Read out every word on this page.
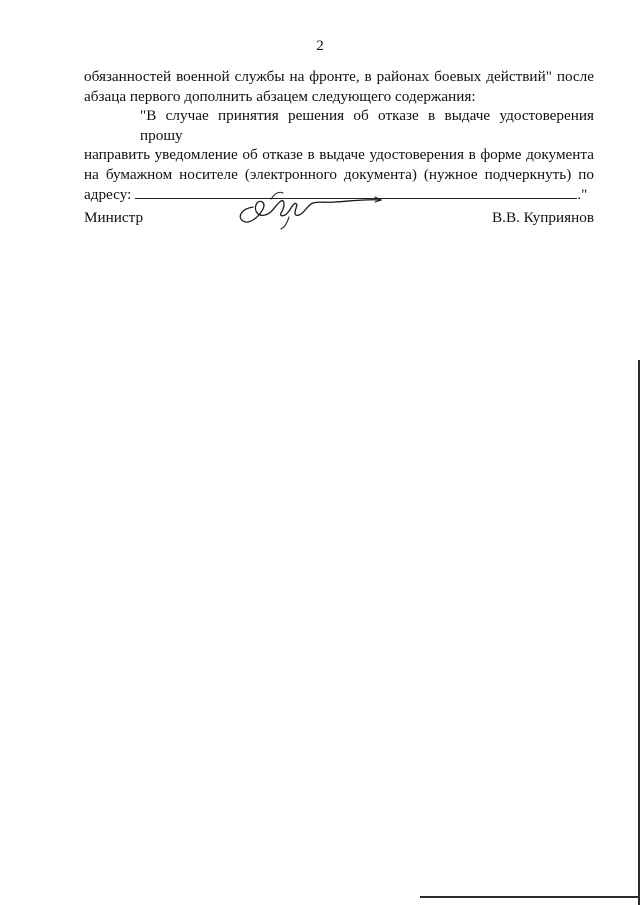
2
обязанностей военной службы на фронте, в районах боевых действий" после
абзаца первого дополнить абзацем следующего содержания:
"В случае принятия решения об отказе в выдаче удостоверения прошу
направить уведомление об отказе в выдаче удостоверения в форме документа
на бумажном носителе (электронного документа) (нужное подчеркнуть) по
адресу:	."
Министр	В.В. Куприянов
